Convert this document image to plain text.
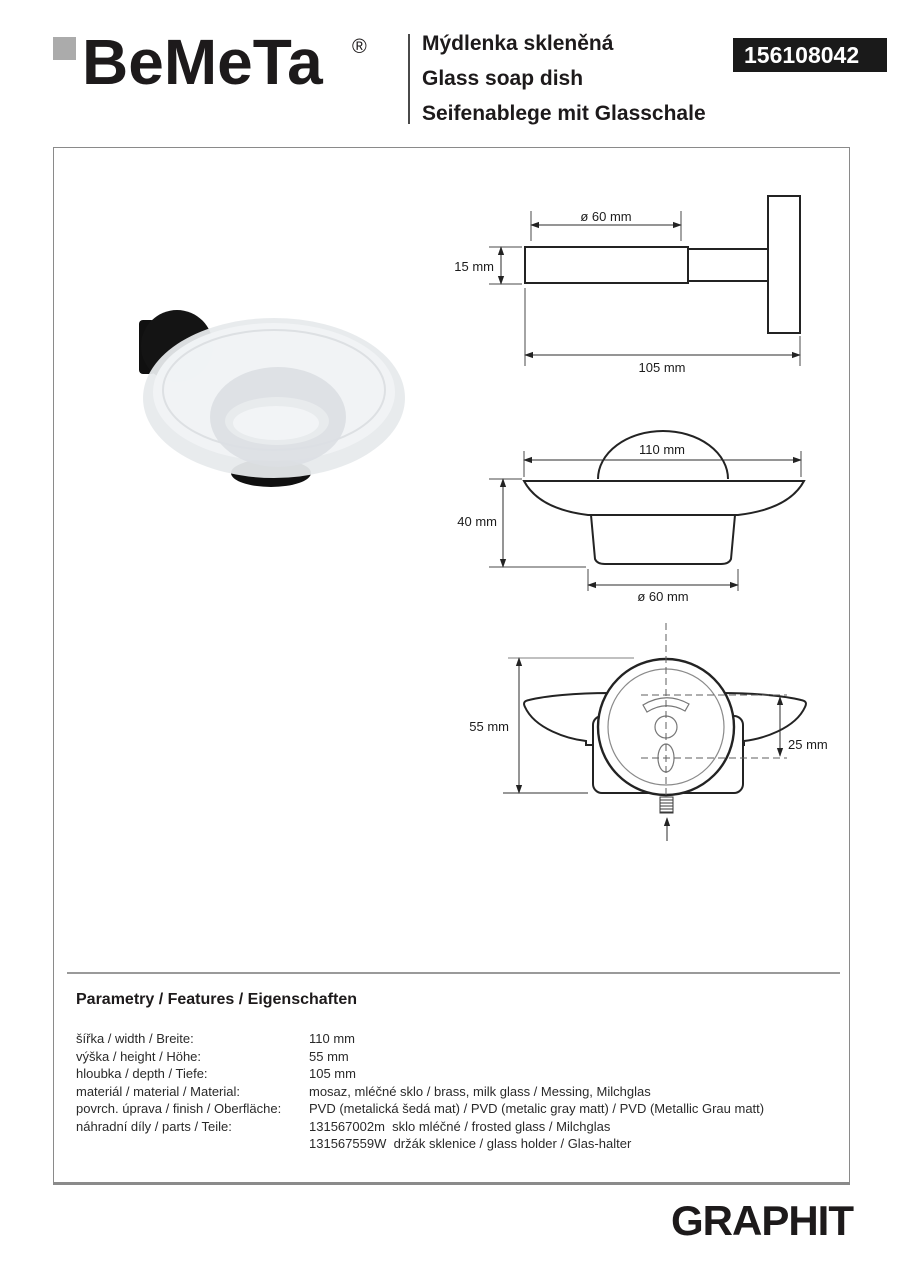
BeMeTa ®	Mýdlenka skleněná
Glass soap dish
Seifenablege mit Glasschale
156108042
ø 60 mm
15 mm
105 mm
110 mm
40 mm
ø 60 mm
55 mm
25 mm
Parametry / Features / Eigenschaften
šířka / width / Breite:	110 mm
výška / height / Höhe:	55 mm
hloubka / depth / Tiefe:	105 mm
materiál / material / Material:	mosaz, mléčné sklo / brass, milk glass / Messing, Milchglas
povrch. úprava / finish / Oberfläche:	PVD (metalická šedá mat) / PVD (metalic gray matt) / PVD (Metallic Grau matt)
náhradní díly / parts / Teile:	131567002m  sklo mléčné / frosted glass / Milchglas
131567559W  držák sklenice / glass holder / Glas-halter
GRAPHIT
